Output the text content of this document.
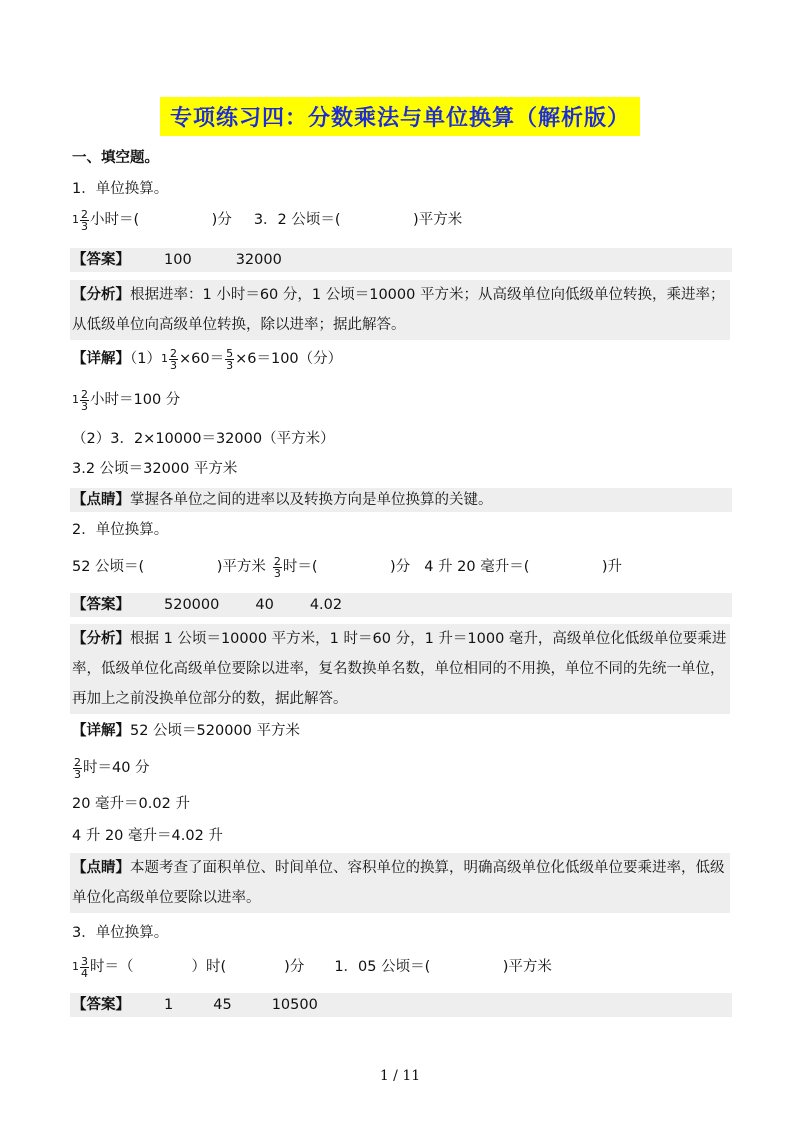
专项练习四：分数乘法与单位换算（解析版）
一、填空题。
1．单位换算。
$1 \frac{2}{3}$ 小时＝(　　　　　)分 3．2 公顷＝(　　　　　)平方米
【答案】 100	32000
【分析】根据进率：1 小时＝60 分，1 公顷＝10000 平方米；从高级单位向低级单位转换，乘进率；从低级单位向高级单位转换，除以进率；据此解答。
【详解】$(1)1 \frac{2}{3} \times 60= \frac{5}{3} \times 6=100$（分）
$1 \frac{2}{3}$ 小时＝100 分
（2）3．2×10000＝32000（平方米）
3.2 公顷＝32000 平方米
【点睛】掌握各单位之间的进率以及转换方向是单位换算的关键。
2．单位换算。
52 公顷＝(　　　　　)平方米 $\frac{2}{3}$ 时＝(　　　　　)分 4 升 20 毫升＝(　　　　　)升
【答案】 520000 40 4.02
【分析】根据 1 公顷＝10000 平方米，1 时＝60 分，1 升＝1000 毫升，高级单位化低级单位要乘进率，低级单位化高级单位要除以进率，复名数换单名数，单位相同的不用换，单位不同的先统一单位，再加上之前没换单位部分的数，据此解答。
【详解】52 公顷＝520000 平方米
$\frac{2}{3}$ 时＝40 分
20 毫升＝0.02 升
4 升 20 毫升＝4.02 升
【点睛】本题考查了面积单位、时间单位、容积单位的换算，明确高级单位化低级单位要乘进率，低级单位化高级单位要除以进率。
3．单位换算。
$1 \frac{3}{4}$ 时＝（　　　　）时(　　　　)分 1．05 公顷＝(　　　　　)平方米
【答案】 1	45	10500
1 / 11
